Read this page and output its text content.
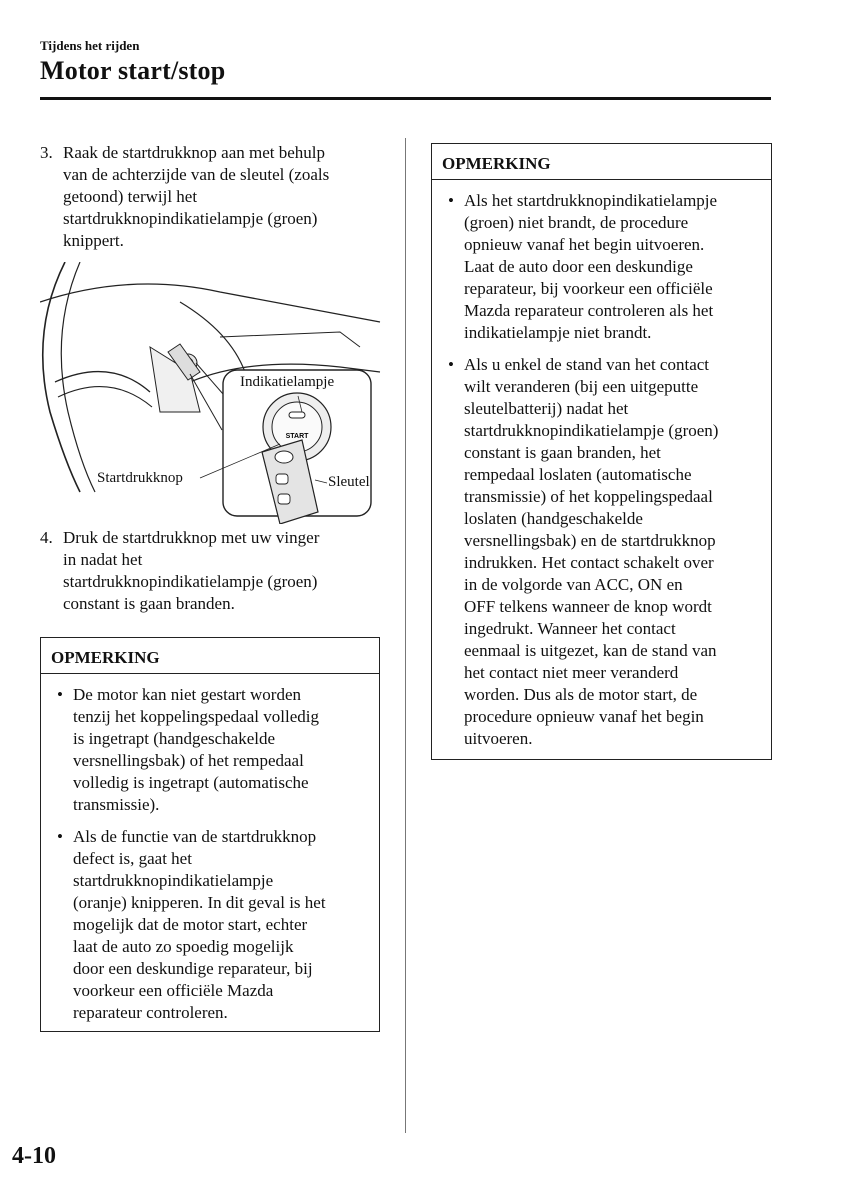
Tijdens het rijden
Motor start/stop
3. Raak de startdrukknop aan met behulp
van de achterzijde van de sleutel (zoals
getoond) terwijl het
startdrukknopindikatielampje (groen)
knippert.
START
Indikatielampje
Startdrukknop	Sleutel
4. Druk de startdrukknop met uw vinger
in nadat het
startdrukknopindikatielampje (groen)
constant is gaan branden.
OPMERKING
• De motor kan niet gestart worden
tenzij het koppelingspedaal volledig
is ingetrapt (handgeschakelde
versnellingsbak) of het rempedaal
volledig is ingetrapt (automatische
transmissie).
• Als de functie van de startdrukknop
defect is, gaat het
startdrukknopindikatielampje
(oranje) knipperen. In dit geval is het
mogelijk dat de motor start, echter
laat de auto zo spoedig mogelijk
door een deskundige reparateur, bij
voorkeur een officiële Mazda
reparateur controleren.
OPMERKING
• Als het startdrukknopindikatielampje
(groen) niet brandt, de procedure
opnieuw vanaf het begin uitvoeren.
Laat de auto door een deskundige
reparateur, bij voorkeur een officiële
Mazda reparateur controleren als het
indikatielampje niet brandt.
• Als u enkel de stand van het contact
wilt veranderen (bij een uitgeputte
sleutelbatterij) nadat het
startdrukknopindikatielampje (groen)
constant is gaan branden, het
rempedaal loslaten (automatische
transmissie) of het koppelingspedaal
loslaten (handgeschakelde
versnellingsbak) en de startdrukknop
indrukken. Het contact schakelt over
in de volgorde van ACC, ON en
OFF telkens wanneer de knop wordt
ingedrukt. Wanneer het contact
eenmaal is uitgezet, kan de stand van
het contact niet meer veranderd
worden. Dus als de motor start, de
procedure opnieuw vanaf het begin
uitvoeren.
4-10
